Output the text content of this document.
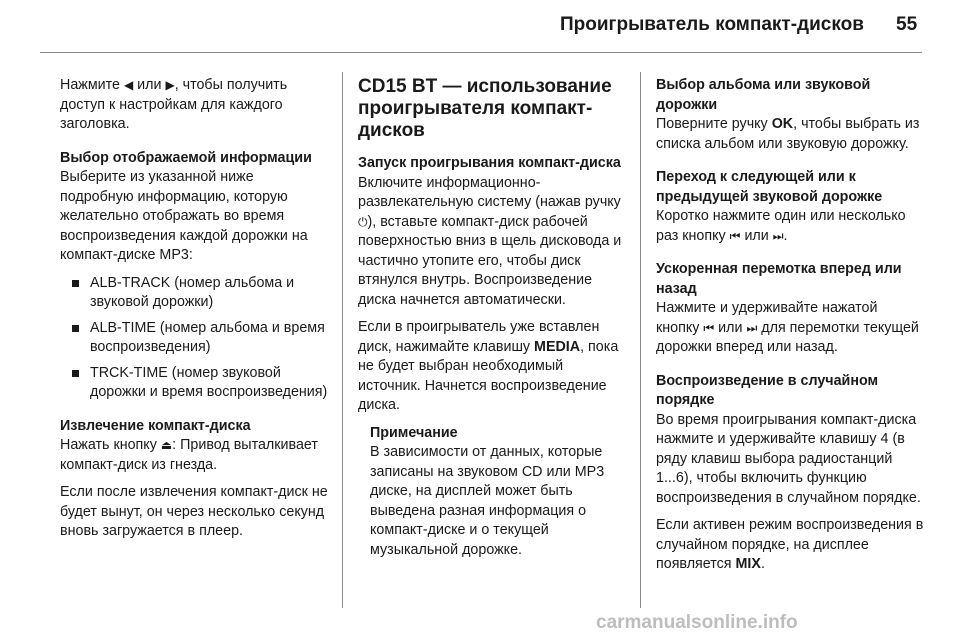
Проигрыватель компакт-дисков 55

Нажмите ◀ или ▶, чтобы получить доступ к настройкам для каждого заголовка.

Выбор отображаемой информации

Выберите из указанной ниже подробную информацию, которую желательно отображать во время воспроизведения каждой дорожки на компакт-диске MP3:

ALB-TRACK (номер альбома и звуковой дорожки)
ALB-TIME (номер альбома и время воспроизведения)
TRCK-TIME (номер звуковой дорожки и время воспроизведения)

Извлечение компакт-диска

Нажать кнопку ⏏: Привод выталкивает компакт-диск из гнезда.

Если после извлечения компакт-диск не будет вынут, он через несколько секунд вновь загружается в плеер.

CD15 BT — использование проигрывателя компакт-дисков

Запуск проигрывания компакт-диска

Включите информационно-развлекательную систему (нажав ручку ⏻), вставьте компакт-диск рабочей поверхностью вниз в щель дисковода и частично утопите его, чтобы диск втянулся внутрь. Воспроизведение диска начнется автоматически.

Если в проигрыватель уже вставлен диск, нажимайте клавишу MEDIA, пока не будет выбран необходимый источник. Начнется воспроизведение диска.

Примечание

В зависимости от данных, которые записаны на звуковом CD или MP3 диске, на дисплей может быть выведена разная информация о компакт-диске и о текущей музыкальной дорожке.

Выбор альбома или звуковой дорожки

Поверните ручку OK, чтобы выбрать из списка альбом или звуковую дорожку.

Переход к следующей или к предыдущей звуковой дорожке

Коротко нажмите один или несколько раз кнопку ⏮ или ⏭.

Ускоренная перемотка вперед или назад

Нажмите и удерживайте нажатой кнопку ⏮ или ⏭ для перемотки текущей дорожки вперед или назад.

Воспроизведение в случайном порядке

Во время проигрывания компакт-диска нажмите и удерживайте клавишу 4 (в ряду клавиш выбора радиостанций 1...6), чтобы включить функцию воспроизведения в случайном порядке.

Если активен режим воспроизведения в случайном порядке, на дисплее появляется MIX.

carmanualsonline.info
